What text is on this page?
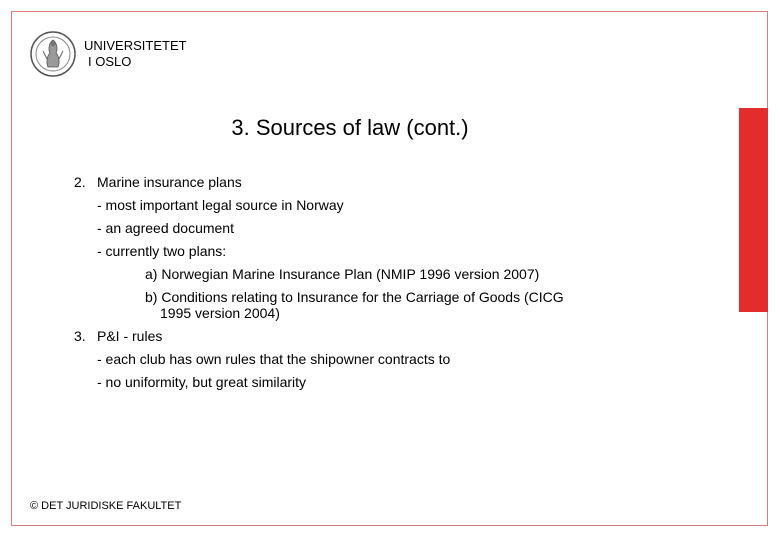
UNIVERSITETET
I OSLO
3. Sources of law (cont.)
2. Marine insurance plans
- most important legal source in Norway
- an agreed document
- currently two plans:
a) Norwegian Marine Insurance Plan (NMIP 1996 version 2007)
b) Conditions relating to Insurance for the Carriage of Goods (CICG
1995 version 2004)
3. P&I - rules
- each club has own rules that the shipowner contracts to
- no uniformity, but great similarity
© DET JURIDISKE FAKULTET
